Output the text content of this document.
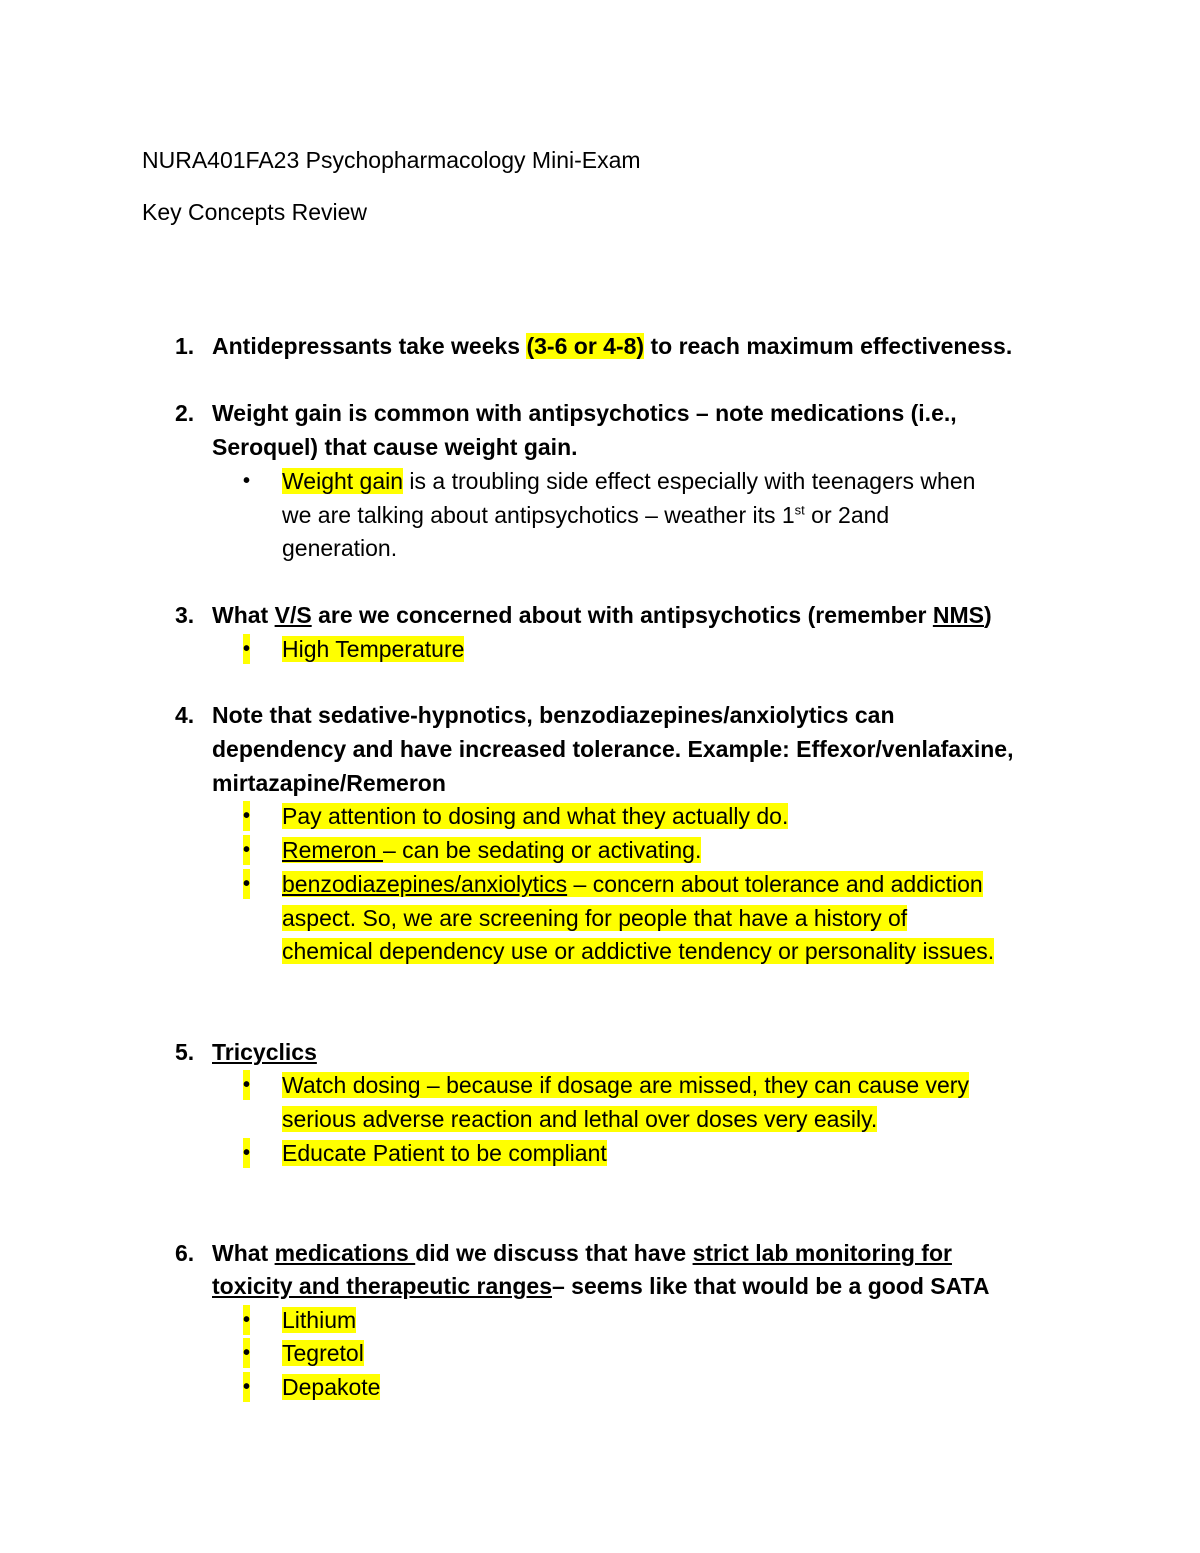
NURA401FA23 Psychopharmacology Mini-Exam
Key Concepts Review
1. Antidepressants take weeks (3-6 or 4-8) to reach maximum effectiveness.
2. Weight gain is common with antipsychotics – note medications (i.e.,
Seroquel) that cause weight gain.
• Weight gain is a troubling side effect especially with teenagers when
we are talking about antipsychotics – weather its 1st or 2and
generation.
3. What V/S are we concerned about with antipsychotics (remember NMS)
• High Temperature
4. Note that sedative-hypnotics, benzodiazepines/anxiolytics can
dependency and have increased tolerance. Example: Effexor/venlafaxine,
mirtazapine/Remeron
• Pay attention to dosing and what they actually do.
• Remeron – can be sedating or activating.
• benzodiazepines/anxiolytics – concern about tolerance and addiction
aspect. So, we are screening for people that have a history of
chemical dependency use or addictive tendency or personality issues.
5. Tricyclics
• Watch dosing – because if dosage are missed, they can cause very
serious adverse reaction and lethal over doses very easily.
• Educate Patient to be compliant
6. What medications did we discuss that have strict lab monitoring for
toxicity and therapeutic ranges– seems like that would be a good SATA
• Lithium
• Tegretol
• Depakote
